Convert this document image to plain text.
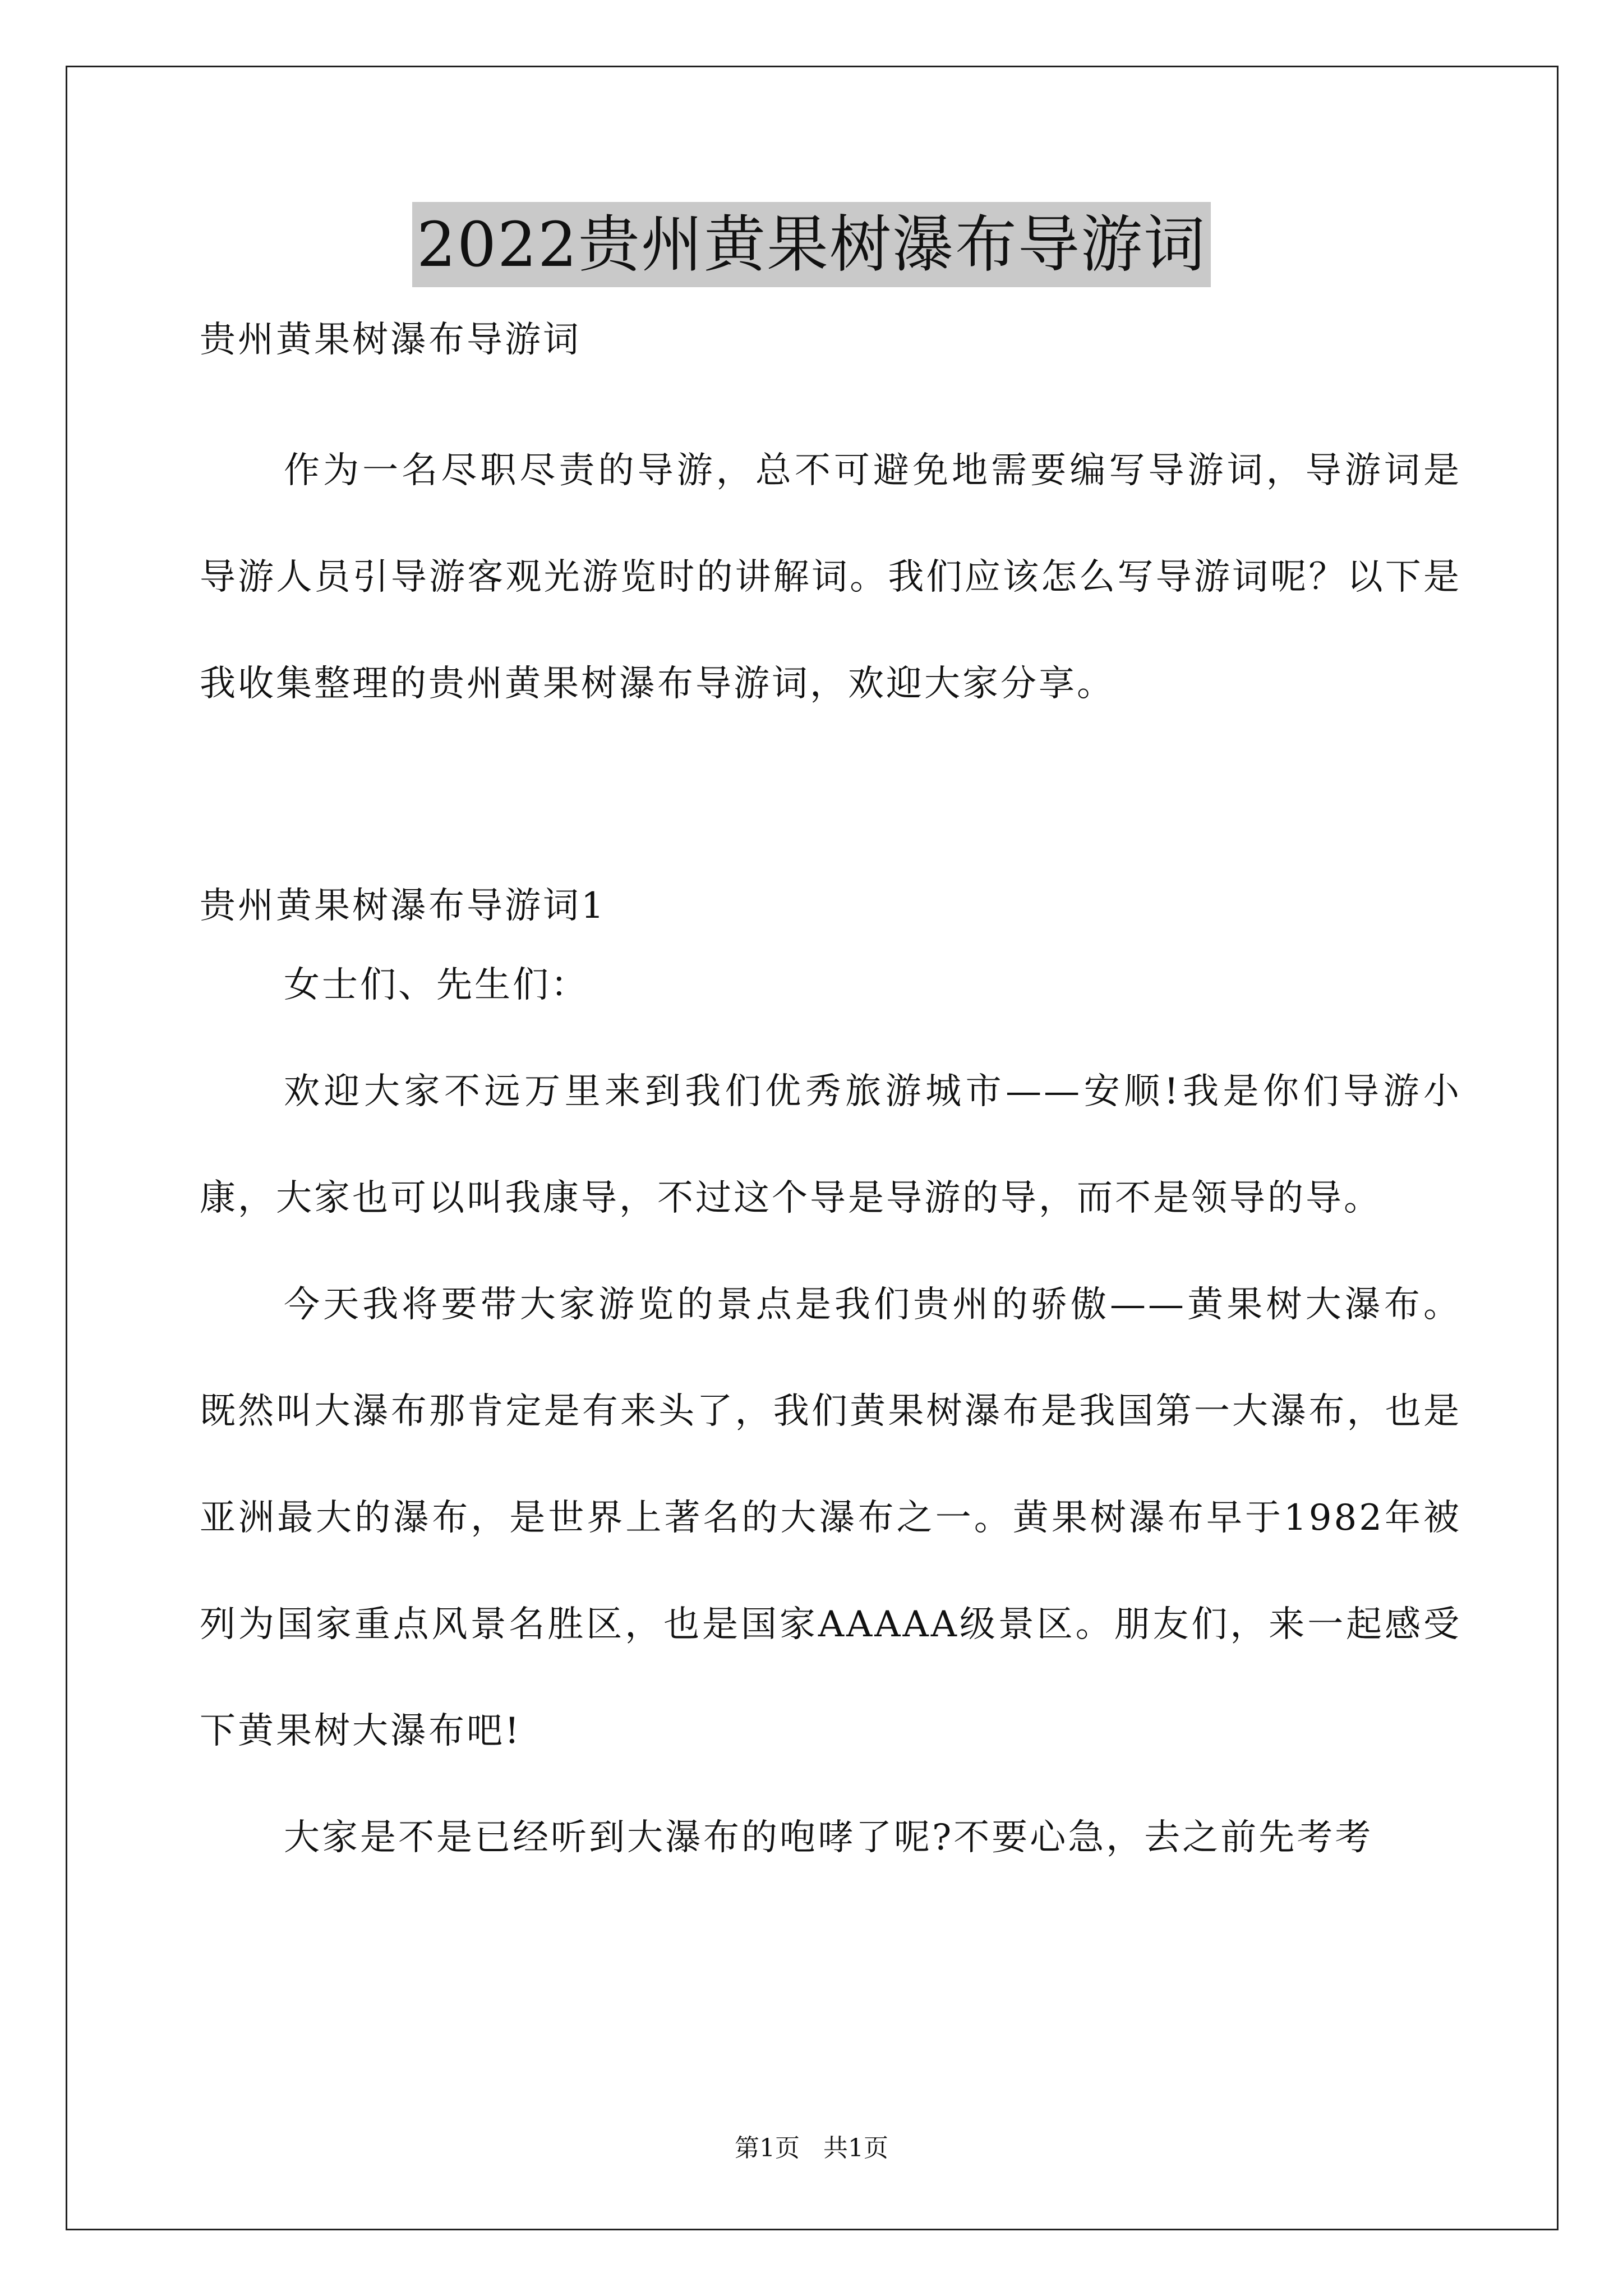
2022贵州黄果树瀑布导游词

贵州黄果树瀑布导游词

作为一名尽职尽责的导游，总不可避免地需要编写导游词，导游词是导游人员引导游客观光游览时的讲解词。我们应该怎么写导游词呢？以下是我收集整理的贵州黄果树瀑布导游词，欢迎大家分享。

贵州黄果树瀑布导游词1

女士们、先生们：

欢迎大家不远万里来到我们优秀旅游城市——安顺!我是你们导游小康，大家也可以叫我康导，不过这个导是导游的导，而不是领导的导。

今天我将要带大家游览的景点是我们贵州的骄傲——黄果树大瀑布。既然叫大瀑布那肯定是有来头了，我们黄果树瀑布是我国第一大瀑布，也是亚洲最大的瀑布，是世界上著名的大瀑布之一。黄果树瀑布早于1982年被列为国家重点风景名胜区，也是国家AAAAA级景区。朋友们，来一起感受下黄果树大瀑布吧!

大家是不是已经听到大瀑布的咆哮了呢?不要心急，去之前先考考

第1页   共1页
